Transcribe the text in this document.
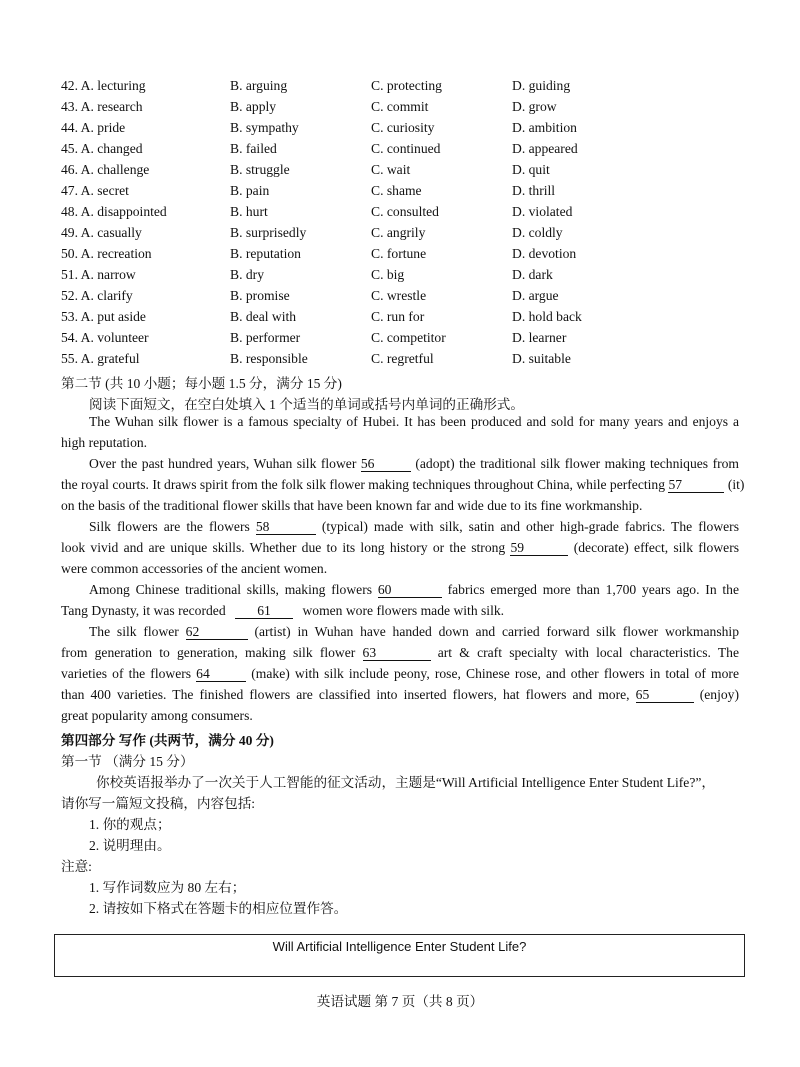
42. A. lecturing	B. arguing	C. protecting	D. guiding
43. A. research	B. apply	C. commit	D. grow
44. A. pride	B. sympathy	C. curiosity	D. ambition
45. A. changed	B. failed	C. continued	D. appeared
46. A. challenge	B. struggle	C. wait	D. quit
47. A. secret	B. pain	C. shame	D. thrill
48. A. disappointed	B. hurt	C. consulted	D. violated
49. A. casually	B. surprisedly	C. angrily	D. coldly
50. A. recreation	B. reputation	C. fortune	D. devotion
51. A. narrow	B. dry	C. big	D. dark
52. A. clarify	B. promise	C. wrestle	D. argue
53. A. put aside	B. deal with	C. run for	D. hold back
54. A. volunteer	B. performer	C. competitor	D. learner
55. A. grateful	B. responsible	C. regretful	D. suitable
第二节 (共 10 小题；每小题 1.5 分，满分 15 分)
阅读下面短文，在空白处填入 1 个适当的单词或括号内单词的正确形式。
The Wuhan silk flower is a famous specialty of Hubei. It has been produced and sold for many years and enjoys a
high reputation.
Over the past hundred years, Wuhan silk flower 56	(adopt) the traditional silk flower making techniques from
the royal courts. It draws spirit from the folk silk flower making techniques throughout China, while perfecting 57	(it)
on the basis of the traditional flower skills that have been known far and wide due to its fine workmanship.
Silk flowers are the flowers 58	(typical) made with silk, satin and other high-grade fabrics. The flowers
look vivid and are unique skills. Whether due to its long history or the strong 59	(decorate) effect, silk flowers
were common accessories of the ancient women.
Among Chinese traditional skills, making flowers 60	fabrics emerged more than 1,700 years ago. In the
Tang Dynasty, it was recorded 61 women wore flowers made with silk.
The silk flower 62	(artist) in Wuhan have handed down and carried forward silk flower workmanship
from generation to generation, making silk flower 63	art & craft specialty with local characteristics. The
varieties of the flowers 64	(make) with silk include peony, rose, Chinese rose, and other flowers in total of more
than 400 varieties. The finished flowers are classified into inserted flowers, hat flowers and more, 65	(enjoy)
great popularity among consumers.
第四部分 写作 (共两节，满分 40 分)
第一节 （满分 15 分）
你校英语报举办了一次关于人工智能的征文活动，主题是“Will Artificial Intelligence Enter Student Life?”，
请你写一篇短文投稿，内容包括:
1. 你的观点；
2. 说明理由。
注意:
1. 写作词数应为 80 左右；
2. 请按如下格式在答题卡的相应位置作答。
Will Artificial Intelligence Enter Student Life?
英语试题 第 7 页（共 8 页）
